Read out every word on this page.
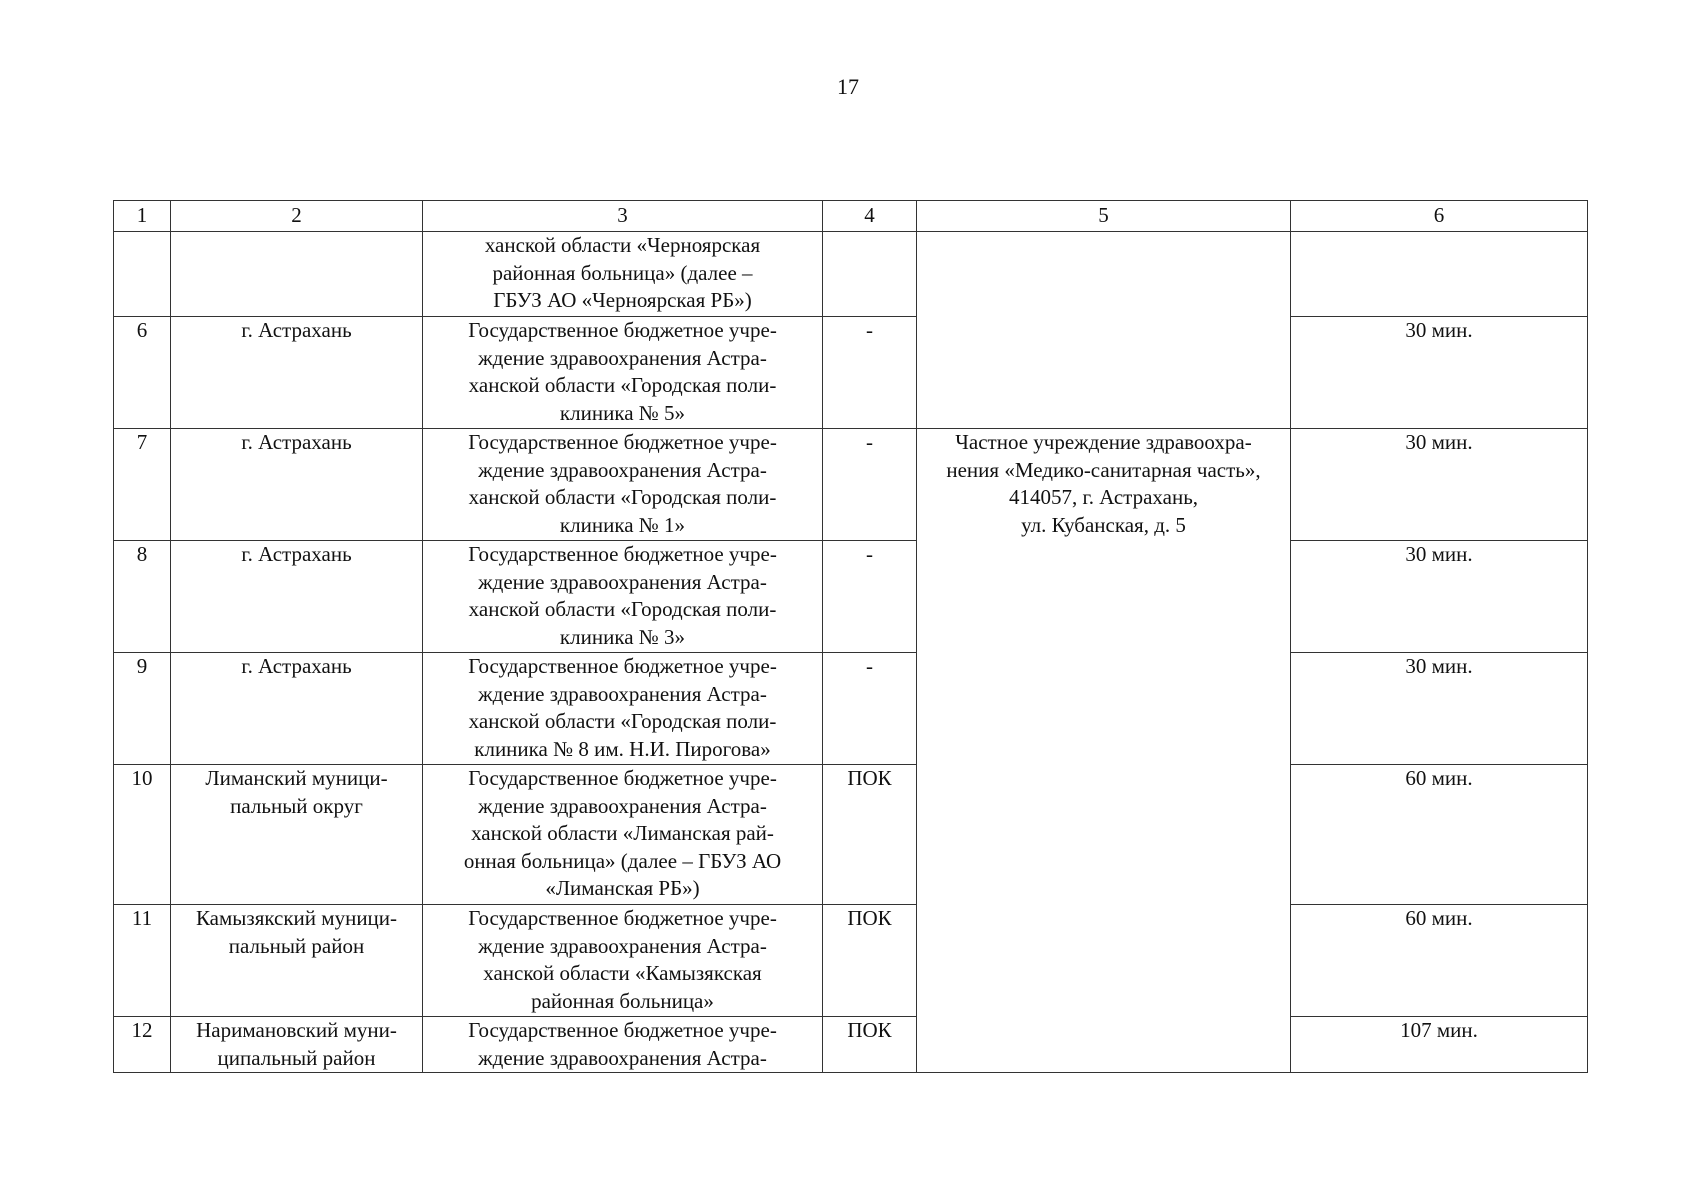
17
1	2	3	4	5	6

		ханской области «Черноярская
районная больница» (далее –
ГБУЗ АО «Черноярская РБ»)			

6	г. Астрахань	Государственное бюджетное учре-
ждение здравоохранения Астра-
ханской области «Городская поли-
клиника № 5»	-		30 мин.
7	г. Астрахань	Государственное бюджетное учре-
ждение здравоохранения Астра-
ханской области «Городская поли-
клиника № 1»	-	Частное учреждение здравоохра-
нения «Медико-санитарная часть»,
414057, г. Астрахань,
ул. Кубанская, д. 5	30 мин.
8	г. Астрахань	Государственное бюджетное учре-
ждение здравоохранения Астра-
ханской области «Городская поли-
клиника № 3»	-		30 мин.
9	г. Астрахань	Государственное бюджетное учре-
ждение здравоохранения Астра-
ханской области «Городская поли-
клиника № 8 им. Н.И. Пирогова»	-		30 мин.
10	Лиманский муници-
пальный округ	Государственное бюджетное учре-
ждение здравоохранения Астра-
ханской области «Лиманская рай-
онная больница» (далее – ГБУЗ АО
«Лиманская РБ»)	ПОК		60 мин.
11	Камызякский муници-
пальный район	Государственное бюджетное учре-
ждение здравоохранения Астра-
ханской области «Камызякская
районная больница»	ПОК		60 мин.
12	Наримановский муни-
ципальный район	Государственное бюджетное учре-
ждение здравоохранения Астра-	ПОК		107 мин.
